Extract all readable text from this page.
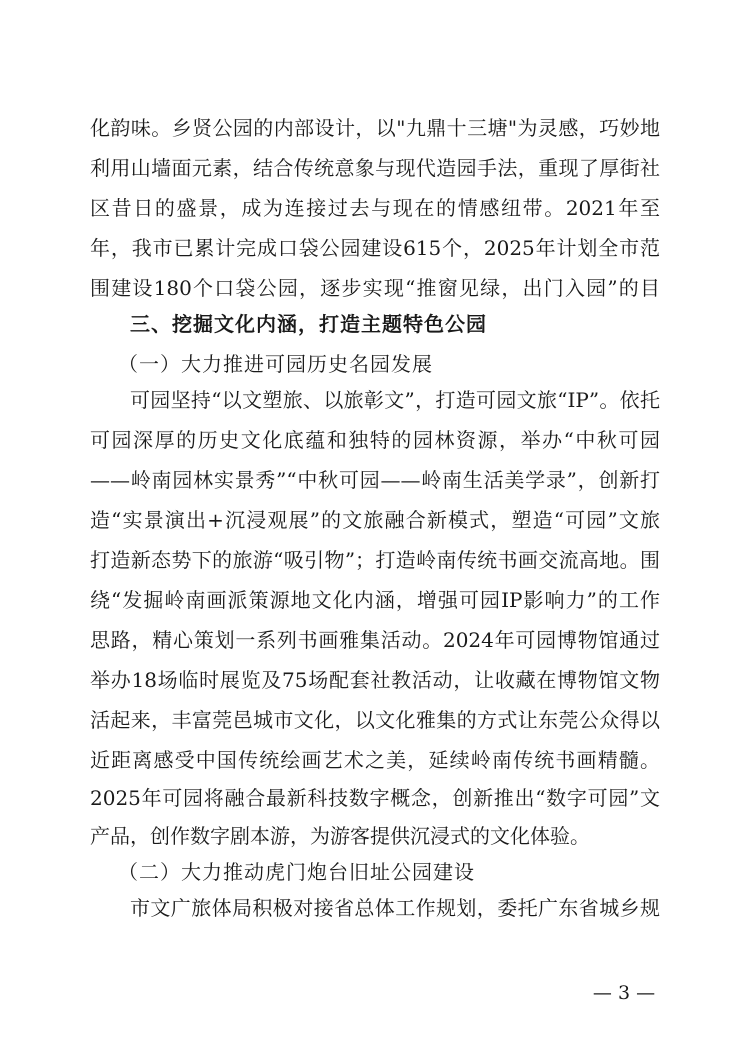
化韵味。乡贤公园的内部设计，以"九鼎十三塘"为灵感，巧妙地
利用山墙面元素，结合传统意象与现代造园手法，重现了厚街社
区昔日的盛景，成为连接过去与现在的情感纽带。2021年至
年，我市已累计完成口袋公园建设615个，2025年计划全市范
围建设180个口袋公园，逐步实现“推窗见绿，出门入园”的目
三、挖掘文化内涵，打造主题特色公园
（一）大力推进可园历史名园发展
可园坚持“以文塑旅、以旅彰文”，打造可园文旅“IP”。依托
可园深厚的历史文化底蕴和独特的园林资源，举办“中秋可园
——岭南园林实景秀”“中秋可园——岭南生活美学录”，创新打
造“实景演出+沉浸观展”的文旅融合新模式，塑造“可园”文旅
打造新态势下的旅游“吸引物”；打造岭南传统书画交流高地。围
绕“发掘岭南画派策源地文化内涵，增强可园IP影响力”的工作
思路，精心策划一系列书画雅集活动。2024年可园博物馆通过
举办18场临时展览及75场配套社教活动，让收藏在博物馆文物
活起来，丰富莞邑城市文化，以文化雅集的方式让东莞公众得以
近距离感受中国传统绘画艺术之美，延续岭南传统书画精髓。
2025年可园将融合最新科技数字概念，创新推出“数字可园”文
产品，创作数字剧本游，为游客提供沉浸式的文化体验。
（二）大力推动虎门炮台旧址公园建设
市文广旅体局积极对接省总体工作规划，委托广东省城乡规
— 3 —
